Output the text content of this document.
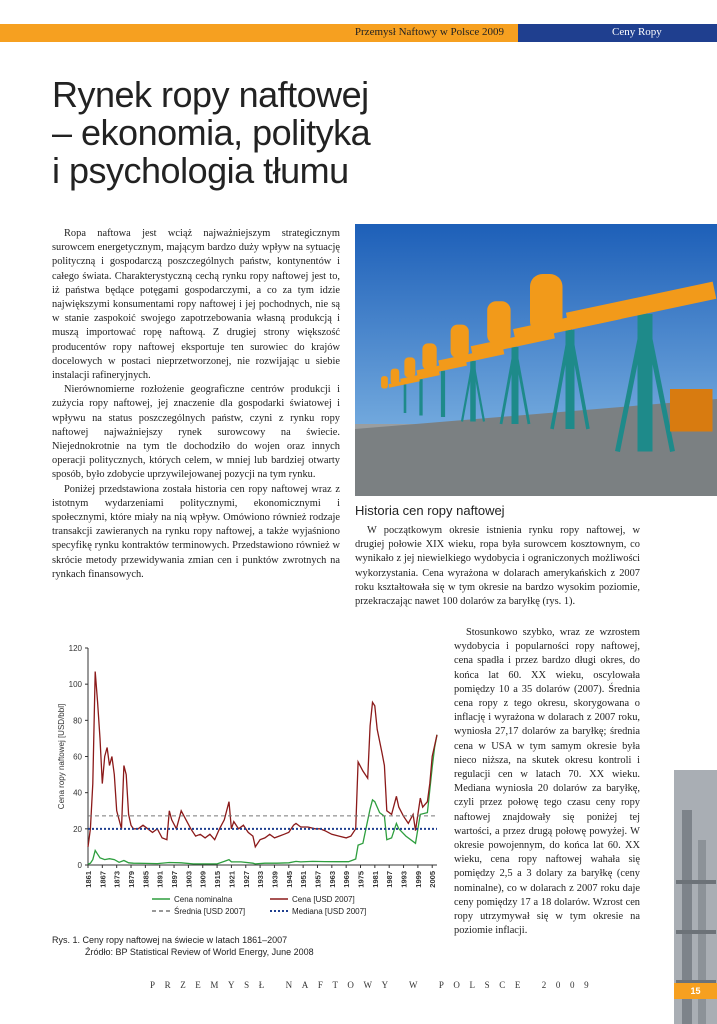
Przemysł Naftowy w Polsce 2009	Ceny Ropy
Rynek ropy naftowej
– ekonomia, polityka
i psychologia tłumu

Ropa naftowa jest wciąż najważniejszym strategicznym surowcem energetycznym, mającym bardzo duży wpływ na sytuację polityczną i gospodarczą poszczególnych państw, kontynentów i całego świata. Charakterystyczną cechą rynku ropy naftowej jest to, iż państwa będące potęgami gospodarczymi, a co za tym idzie największymi konsumentami ropy naftowej i jej pochodnych, nie są w stanie zaspokoić swojego zapotrzebowania własną produkcją i muszą importować ropę naftową. Z drugiej strony większość producentów ropy naftowej eksportuje ten surowiec do krajów docelowych w postaci nieprzetworzonej, nie rozwijając u siebie instalacji rafineryjnych.

Nierównomierne rozłożenie geograficzne centrów produkcji i zużycia ropy naftowej, jej znaczenie dla gospodarki światowej i wpływu na status poszczególnych państw, czyni z rynku ropy naftowej najważniejszy rynek surowcowy na świecie. Niejednokrotnie na tym tle dochodziło do wojen oraz innych operacji politycznych, których celem, w mniej lub bardziej otwarty sposób, było zdobycie uprzywilejowanej pozycji na tym rynku.

Poniżej przedstawiona została historia cen ropy naftowej wraz z istotnym wydarzeniami politycznymi, ekonomicznymi i społecznymi, które miały na nią wpływ. Omówiono również rodzaje transakcji zawieranych na rynku ropy naftowej, a także wyjaśniono specyfikę rynku kontraktów terminowych. Przedstawiono również w skrócie metody przewidywania zmian cen i punktów zwrotnych na rynkach finansowych.

Historia cen ropy naftowej

W początkowym okresie istnienia rynku ropy naftowej, w drugiej połowie XIX wieku, ropa była surowcem kosztownym, co wynikało z jej niewielkiego wydobycia i ograniczonych możliwości wykorzystania. Cena wyrażona w dolarach amerykańskich z 2007 roku kształtowała się w tym okresie na bardzo wysokim poziomie, przekraczając nawet 100 dolarów za baryłkę (rys. 1).

Stosunkowo szybko, wraz ze wzrostem wydobycia i popularności ropy naftowej, cena spadła i przez bardzo długi okres, do końca lat 60. XX wieku, oscylowała pomiędzy 10 a 35 dolarów (2007). Średnia cena ropy z tego okresu, skorygowana o inflację i wyrażona w dolarach z 2007 roku, wyniosła 27,17 dolarów za baryłkę; średnia cena w USA w tym samym okresie była nieco niższa, na skutek okresu kontroli i regulacji cen w latach 70. XX wieku. Mediana wyniosła 20 dolarów za baryłkę, czyli przez połowę tego czasu ceny ropy naftowej znajdowały się poniżej tej wartości, a przez drugą połowę powyżej. W okresie powojennym, do końca lat 60. XX wieku, cena ropy naftowej wahała się pomiędzy 2,5 a 3 dolary za baryłkę (ceny nominalne), co w dolarach z 2007 roku daje ceny pomiędzy 17 a 18 dolarów. Wzrost cen ropy utrzymywał się w tym okresie na poziomie inflacji.

0
20
40
60
80
100
120
Cena ropy naftowej [USD/bbl]
1861 1867 1873 1879 1885 1891 1897 1903 1909 1915 1921 1927 1933 1939 1945 1951 1957 1963 1969 1975 1981 1987 1993 1999 2005
Cena nominalna	Cena [USD 2007]
Średnia [USD 2007]	Mediana [USD 2007]
Rys. 1. Ceny ropy naftowej na świecie w latach 1861–2007
Źródło: BP Statistical Review of World Energy, June 2008
PRZEMYSŁ NAFTOWY W POLSCE 2009
15
